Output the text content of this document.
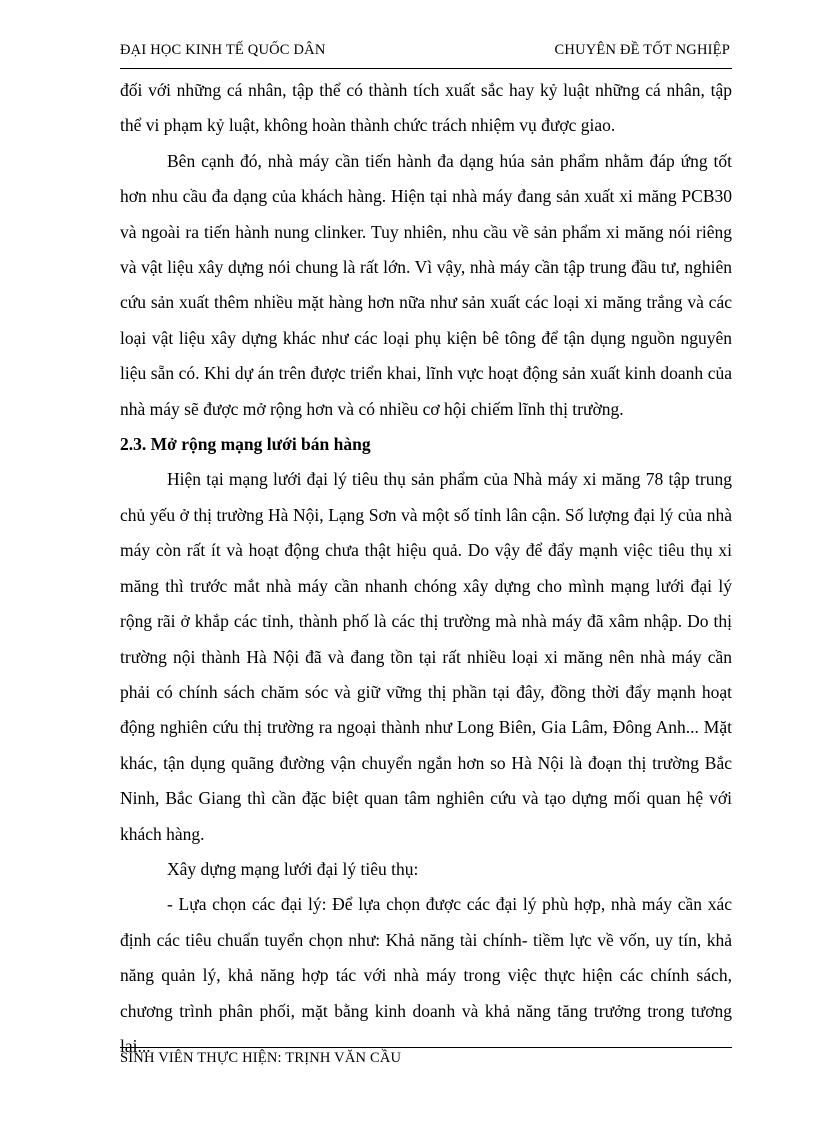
ĐẠI HỌC KINH TẾ QUỐC DÂN	CHUYÊN ĐỀ TỐT NGHIỆP

đối với những cá nhân, tập thể có thành tích xuất sắc hay kỷ luật những cá nhân, tập thể vi phạm kỷ luật, không hoàn thành chức trách nhiệm vụ được giao.

Bên cạnh đó, nhà máy cần tiến hành đa dạng húa sản phẩm nhằm đáp ứng tốt hơn nhu cầu đa dạng của khách hàng. Hiện tại nhà máy đang sản xuất xi măng PCB30 và ngoài ra tiến hành nung clinker. Tuy nhiên, nhu cầu về sản phẩm xi măng nói riêng và vật liệu xây dựng nói chung là rất lớn. Vì vậy, nhà máy cần tập trung đầu tư, nghiên cứu sản xuất thêm nhiều mặt hàng hơn nữa như sản xuất các loại xi măng trắng và các loại vật liệu xây dựng khác như các loại phụ kiện bê tông để tận dụng nguồn nguyên liệu sẵn có. Khi dự án trên được triển khai, lĩnh vực hoạt động sản xuất kinh doanh của nhà máy sẽ được mở rộng hơn và có nhiều cơ hội chiếm lĩnh thị trường.

2.3. Mở rộng mạng lưới bán hàng

Hiện tại mạng lưới đại lý tiêu thụ sản phẩm của Nhà máy xi măng 78 tập trung chủ yếu ở thị trường Hà Nội, Lạng Sơn và một số tỉnh lân cận. Số lượng đại lý của nhà máy còn rất ít và hoạt động chưa thật hiệu quả. Do vậy để đẩy mạnh việc tiêu thụ xi măng thì trước mắt nhà máy cần nhanh chóng xây dựng cho mình mạng lưới đại lý rộng rãi ở khắp các tỉnh, thành phố là các thị trường mà nhà máy đã xâm nhập. Do thị trường nội thành Hà Nội đã và đang tồn tại rất nhiều loại xi măng nên nhà máy cần phải có chính sách chăm sóc và giữ vững thị phần tại đây, đồng thời đẩy mạnh hoạt động nghiên cứu thị trường ra ngoại thành như Long Biên, Gia Lâm, Đông Anh... Mặt khác, tận dụng quãng đường vận chuyển ngắn hơn so Hà Nội là đoạn thị trường Bắc Ninh, Bắc Giang thì cần đặc biệt quan tâm nghiên cứu và tạo dựng mối quan hệ với khách hàng.

Xây dựng mạng lưới đại lý tiêu thụ:

- Lựa chọn các đại lý: Để lựa chọn được các đại lý phù hợp, nhà máy cần xác định các tiêu chuẩn tuyển chọn như: Khả năng tài chính- tiềm lực về vốn, uy tín, khả năng quản lý, khả năng hợp tác với nhà máy trong việc thực hiện các chính sách, chương trình phân phối, mặt bằng kinh doanh và khả năng tăng trưởng trong tương lai...

SINH VIÊN THỰC HIỆN: TRỊNH VĂN CẦU
